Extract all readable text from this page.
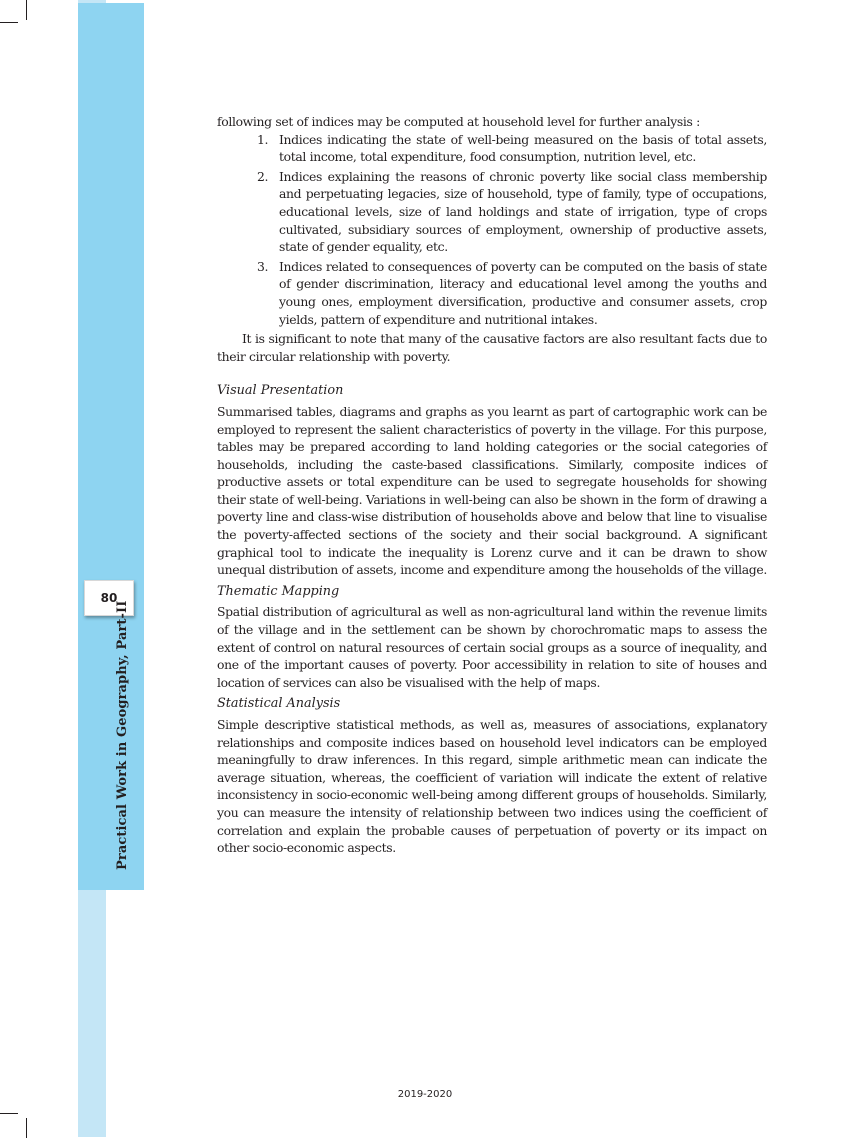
80
Practical Work in Geography, Part-II

following set of indices may be computed at household level for further analysis :

1. Indices indicating the state of well-being measured on the basis of total assets, total income, total expenditure, food consumption, nutrition level, etc.
2. Indices explaining the reasons of chronic poverty like social class membership and perpetuating legacies, size of household, type of family, type of occupations, educational levels, size of land holdings and state of irrigation, type of crops cultivated, subsidiary sources of employment, ownership of productive assets, state of gender equality, etc.
3. Indices related to consequences of poverty can be computed on the basis of state of gender discrimination, literacy and educational level among the youths and young ones, employment diversification, productive and consumer assets, crop yields, pattern of expenditure and nutritional intakes.

It is significant to note that many of the causative factors are also resultant facts due to their circular relationship with poverty.

Visual Presentation

Summarised tables, diagrams and graphs as you learnt as part of cartographic work can be employed to represent the salient characteristics of poverty in the village. For this purpose, tables may be prepared according to land holding categories or the social categories of households, including the caste-based classifications. Similarly, composite indices of productive assets or total expenditure can be used to segregate households for showing their state of well-being. Variations in well-being can also be shown in the form of drawing a poverty line and class-wise distribution of households above and below that line to visualise the poverty-affected sections of the society and their social background. A significant graphical tool to indicate the inequality is Lorenz curve and it can be drawn to show unequal distribution of assets, income and expenditure among the households of the village.

Thematic Mapping

Spatial distribution of agricultural as well as non-agricultural land within the revenue limits of the village and in the settlement can be shown by chorochromatic maps to assess the extent of control on natural resources of certain social groups as a source of inequality, and one of the important causes of poverty. Poor accessibility in relation to site of houses and location of services can also be visualised with the help of maps.

Statistical Analysis

Simple descriptive statistical methods, as well as, measures of associations, explanatory relationships and composite indices based on household level indicators can be employed meaningfully to draw inferences. In this regard, simple arithmetic mean can indicate the average situation, whereas, the coefficient of variation will indicate the extent of relative inconsistency in socio-economic well-being among different groups of households. Similarly, you can measure the intensity of relationship between two indices using the coefficient of correlation and explain the probable causes of perpetuation of poverty or its impact on other socio-economic aspects.

2019-2020
